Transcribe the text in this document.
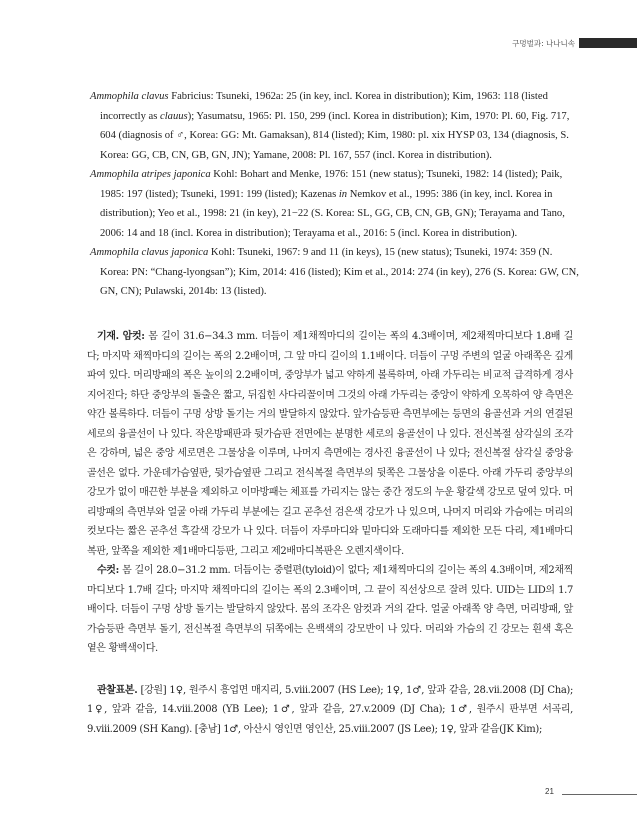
구멍벌과: 나나니속

Ammophila clavus Fabricius: Tsuneki, 1962a: 25 (in key, incl. Korea in distribution); Kim, 1963: 118 (listed incorrectly as clauus); Yasumatsu, 1965: Pl. 150, 299 (incl. Korea in distribution); Kim, 1970: Pl. 60, Fig. 717, 604 (diagnosis of ♂, Korea: GG: Mt. Gamaksan), 814 (listed); Kim, 1980: pl. xix HYSP 03, 134 (diagnosis, S. Korea: GG, CB, CN, GB, GN, JN); Yamane, 2008: Pl. 167, 557 (incl. Korea in distribution).

Ammophila atripes japonica Kohl: Bohart and Menke, 1976: 151 (new status); Tsuneki, 1982: 14 (listed); Paik, 1985: 197 (listed); Tsuneki, 1991: 199 (listed); Kazenas in Nemkov et al., 1995: 386 (in key, incl. Korea in distribution); Yeo et al., 1998: 21 (in key), 21−22 (S. Korea: SL, GG, CB, CN, GB, GN); Terayama and Tano, 2006: 14 and 18 (incl. Korea in distribution); Terayama et al., 2016: 5 (incl. Korea in distribution).

Ammophila clavus japonica Kohl: Tsuneki, 1967: 9 and 11 (in keys), 15 (new status); Tsuneki, 1974: 359 (N. Korea: PN: “Chang-lyongsan”); Kim, 2014: 416 (listed); Kim et al., 2014: 274 (in key), 276 (S. Korea: GW, CN, GN, CN); Pulawski, 2014b: 13 (listed).

기재. 암컷: 몸 길이 31.6−34.3 mm. 더듬이 제1채찍마디의 길이는 폭의 4.3배이며, 제2채찍마디보다 1.8배 길다; 마지막 채찍마디의 길이는 폭의 2.2배이며, 그 앞 마디 길이의 1.1배이다. 더듬이 구멍 주변의 얼굴 아래쪽은 깊게 파여 있다. 머리방패의 폭은 높이의 2.2배이며, 중앙부가 넓고 약하게 볼록하며, 아래 가두리는 비교적 급격하게 경사지어진다; 하단 중앙부의 돌출은 짧고, 뒤집힌 사다리꼴이며 그것의 아래 가두리는 중앙이 약하게 오목하여 양 측면은 약간 볼록하다. 더듬이 구멍 상방 돌기는 거의 발달하지 않았다. 앞가슴등판 측면부에는 등면의 융골선과 거의 연결된 세로의 융골선이 나 있다. 작은방패판과 뒷가슴판 전면에는 분명한 세로의 융골선이 나 있다. 전신복절 삼각실의 조각은 강하며, 넓은 중앙 세로면은 그물상을 이루며, 나머지 측면에는 경사진 융골선이 나 있다; 전신복절 삼각실 중앙융골선은 없다. 가운데가슴옆판, 뒷가슴옆판 그리고 전식복절 측면부의 뒷쪽은 그물상을 이룬다. 아래 가두리 중앙부의 강모가 없이 매끈한 부분을 제외하고 이마방패는 체표를 가리지는 않는 중간 정도의 누운 황갈색 강모로 덮여 있다. 머리방패의 측면부와 얼굴 아래 가두리 부분에는 길고 곧추선 검은색 강모가 나 있으며, 나머지 머리와 가슴에는 머리의 컷보다는 짧은 곧추선 흑갈색 강모가 나 있다. 더듬이 자루마디와 밑마디와 도래마디를 제외한 모든 다리, 제1배마디복판, 앞쪽을 제외한 제1배마디등판, 그리고 제2배마디복판은 오렌지색이다.

수컷: 몸 길이 28.0−31.2 mm. 더듬이는 중렬편(tyloid)이 없다; 제1채찍마디의 길이는 폭의 4.3배이며, 제2채찍마디보다 1.7배 길다; 마지막 채찍마디의 길이는 폭의 2.3배이며, 그 끝이 직선상으로 잘려 있다. UID는 LID의 1.7배이다. 더듬이 구멍 상방 돌기는 발달하지 않았다. 몸의 조각은 암컷과 거의 같다. 얼굴 아래쪽 양 측면, 머리방패, 앞가슴등판 측면부 돌기, 전신복절 측면부의 뒤쪽에는 은백색의 강모반이 나 있다. 머리와 가슴의 긴 강모는 흰색 혹은 옅은 황백색이다.

관찰표본. [강원] 1♀, 원주시 흥업면 매지리, 5.viii.2007 (HS Lee); 1♀, 1♂, 앞과 같음, 28.vii.2008 (DJ Cha); 1♀, 앞과 같음, 14.viii.2008 (YB Lee); 1♂, 앞과 같음, 27.v.2009 (DJ Cha); 1♂, 원주시 판부면 서곡리, 9.viii.2009 (SH Kang). [충남] 1♂, 아산시 영인면 영인산, 25.viii.2007 (JS Lee); 1♀, 앞과 같음(JK Kim);

21
